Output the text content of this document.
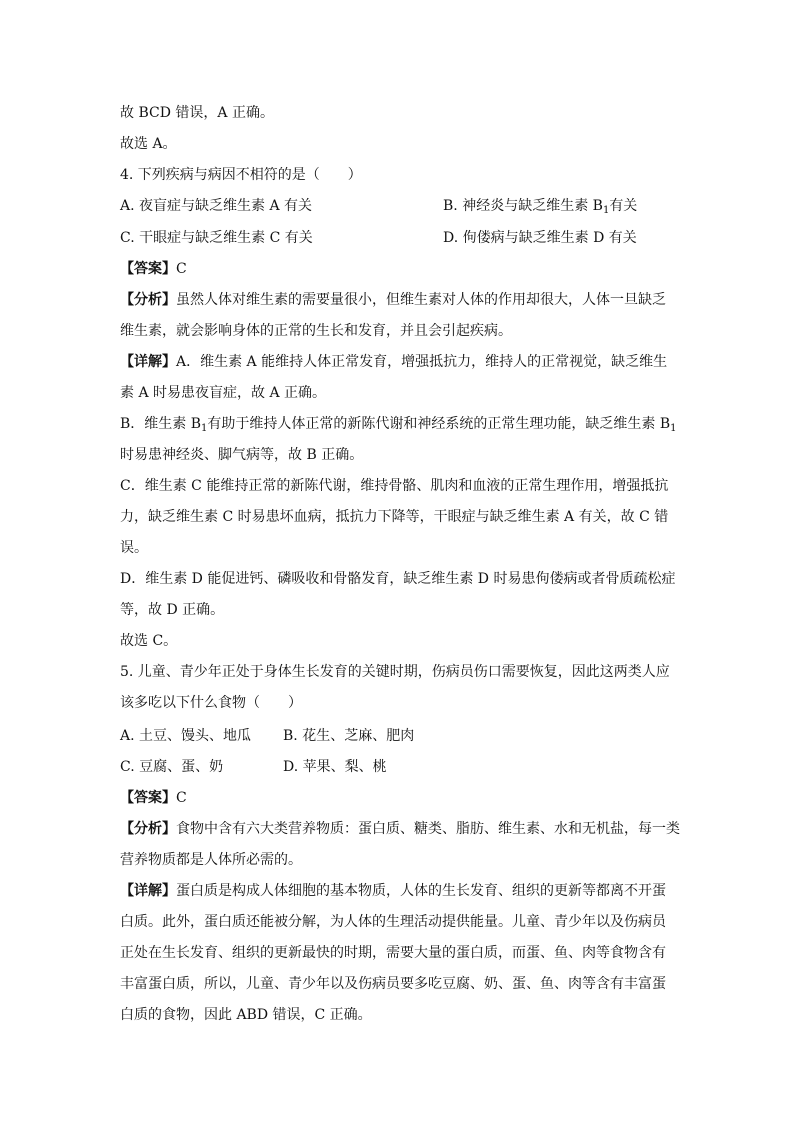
故 BCD 错误，A 正确。
故选 A。
4. 下列疾病与病因不相符的是（　　）
A. 夜盲症与缺乏维生素 A 有关	B. 神经炎与缺乏维生素 $B_1$有关
C. 干眼症与缺乏维生素 C 有关	D. 佝偻病与缺乏维生素 D 有关
【答案】C
【分析】虽然人体对维生素的需要量很小，但维生素对人体的作用却很大，人体一旦缺乏
维生素，就会影响身体的正常的生长和发育，并且会引起疾病。
【详解】A．维生素 A 能维持人体正常发育，增强抵抗力，维持人的正常视觉，缺乏维生
素 A 时易患夜盲症，故 A 正确。
B．维生素 $B_1$有助于维持人体正常的新陈代谢和神经系统的正常生理功能，缺乏维生素 $B_1$
时易患神经炎、脚气病等，故 B 正确。
C．维生素 C 能维持正常的新陈代谢，维持骨骼、肌肉和血液的正常生理作用，增强抵抗
力，缺乏维生素 C 时易患坏血病，抵抗力下降等，干眼症与缺乏维生素 A 有关，故 C 错
误。
D．维生素 D 能促进钙、磷吸收和骨骼发育，缺乏维生素 D 时易患佝偻病或者骨质疏松症
等，故 D 正确。
故选 C。
5. 儿童、青少年正处于身体生长发育的关键时期，伤病员伤口需要恢复，因此这两类人应
该多吃以下什么食物（　　）
A. 土豆、馒头、地瓜 B. 花生、芝麻、肥肉
C. 豆腐、蛋、奶	D. 苹果、梨、桃
【答案】C
【分析】食物中含有六大类营养物质：蛋白质、糖类、脂肪、维生素、水和无机盐，每一类
营养物质都是人体所必需的。
【详解】蛋白质是构成人体细胞的基本物质，人体的生长发育、组织的更新等都离不开蛋
白质。此外，蛋白质还能被分解，为人体的生理活动提供能量。儿童、青少年以及伤病员
正处在生长发育、组织的更新最快的时期，需要大量的蛋白质，而蛋、鱼、肉等食物含有
丰富蛋白质，所以，儿童、青少年以及伤病员要多吃豆腐、奶、蛋、鱼、肉等含有丰富蛋
白质的食物，因此 ABD 错误，C 正确。
